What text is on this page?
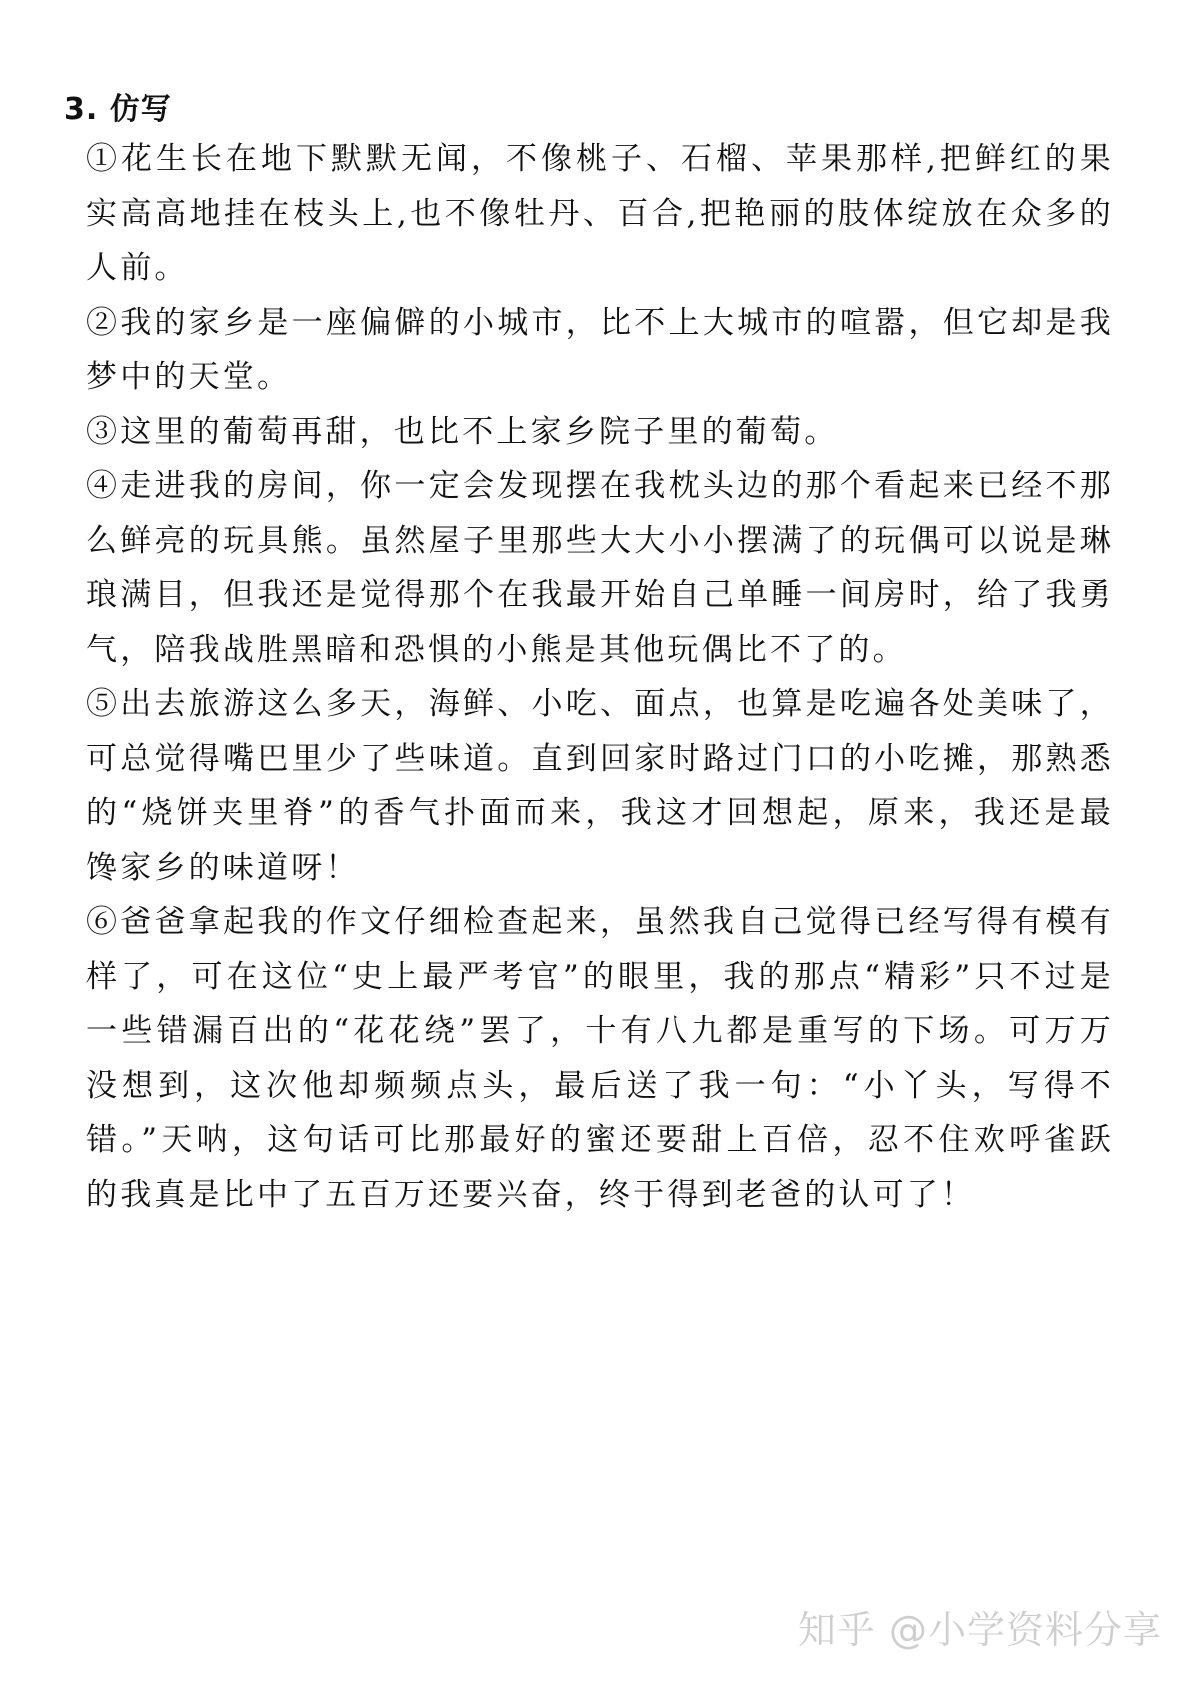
3. 仿写

①花生长在地下默默无闻，不像桃子、石榴、苹果那样,把鲜红的果实高高地挂在枝头上,也不像牡丹、百合,把艳丽的肢体绽放在众多的人前。

②我的家乡是一座偏僻的小城市，比不上大城市的喧嚣，但它却是我梦中的天堂。

③这里的葡萄再甜，也比不上家乡院子里的葡萄。

④走进我的房间，你一定会发现摆在我枕头边的那个看起来已经不那么鲜亮的玩具熊。虽然屋子里那些大大小小摆满了的玩偶可以说是琳琅满目，但我还是觉得那个在我最开始自己单睡一间房时，给了我勇气，陪我战胜黑暗和恐惧的小熊是其他玩偶比不了的。

⑤出去旅游这么多天，海鲜、小吃、面点，也算是吃遍各处美味了，可总觉得嘴巴里少了些味道。直到回家时路过门口的小吃摊，那熟悉的“烧饼夹里脊”的香气扑面而来，我这才回想起，原来，我还是最馋家乡的味道呀！

⑥爸爸拿起我的作文仔细检查起来，虽然我自己觉得已经写得有模有样了，可在这位“史上最严考官”的眼里，我的那点“精彩”只不过是一些错漏百出的“花花绕”罢了，十有八九都是重写的下场。可万万没想到，这次他却频频点头，最后送了我一句：“小丫头，写得不错。”天呐，这句话可比那最好的蜜还要甜上百倍，忍不住欢呼雀跃的我真是比中了五百万还要兴奋，终于得到老爸的认可了！

知乎 @小学资料分享
